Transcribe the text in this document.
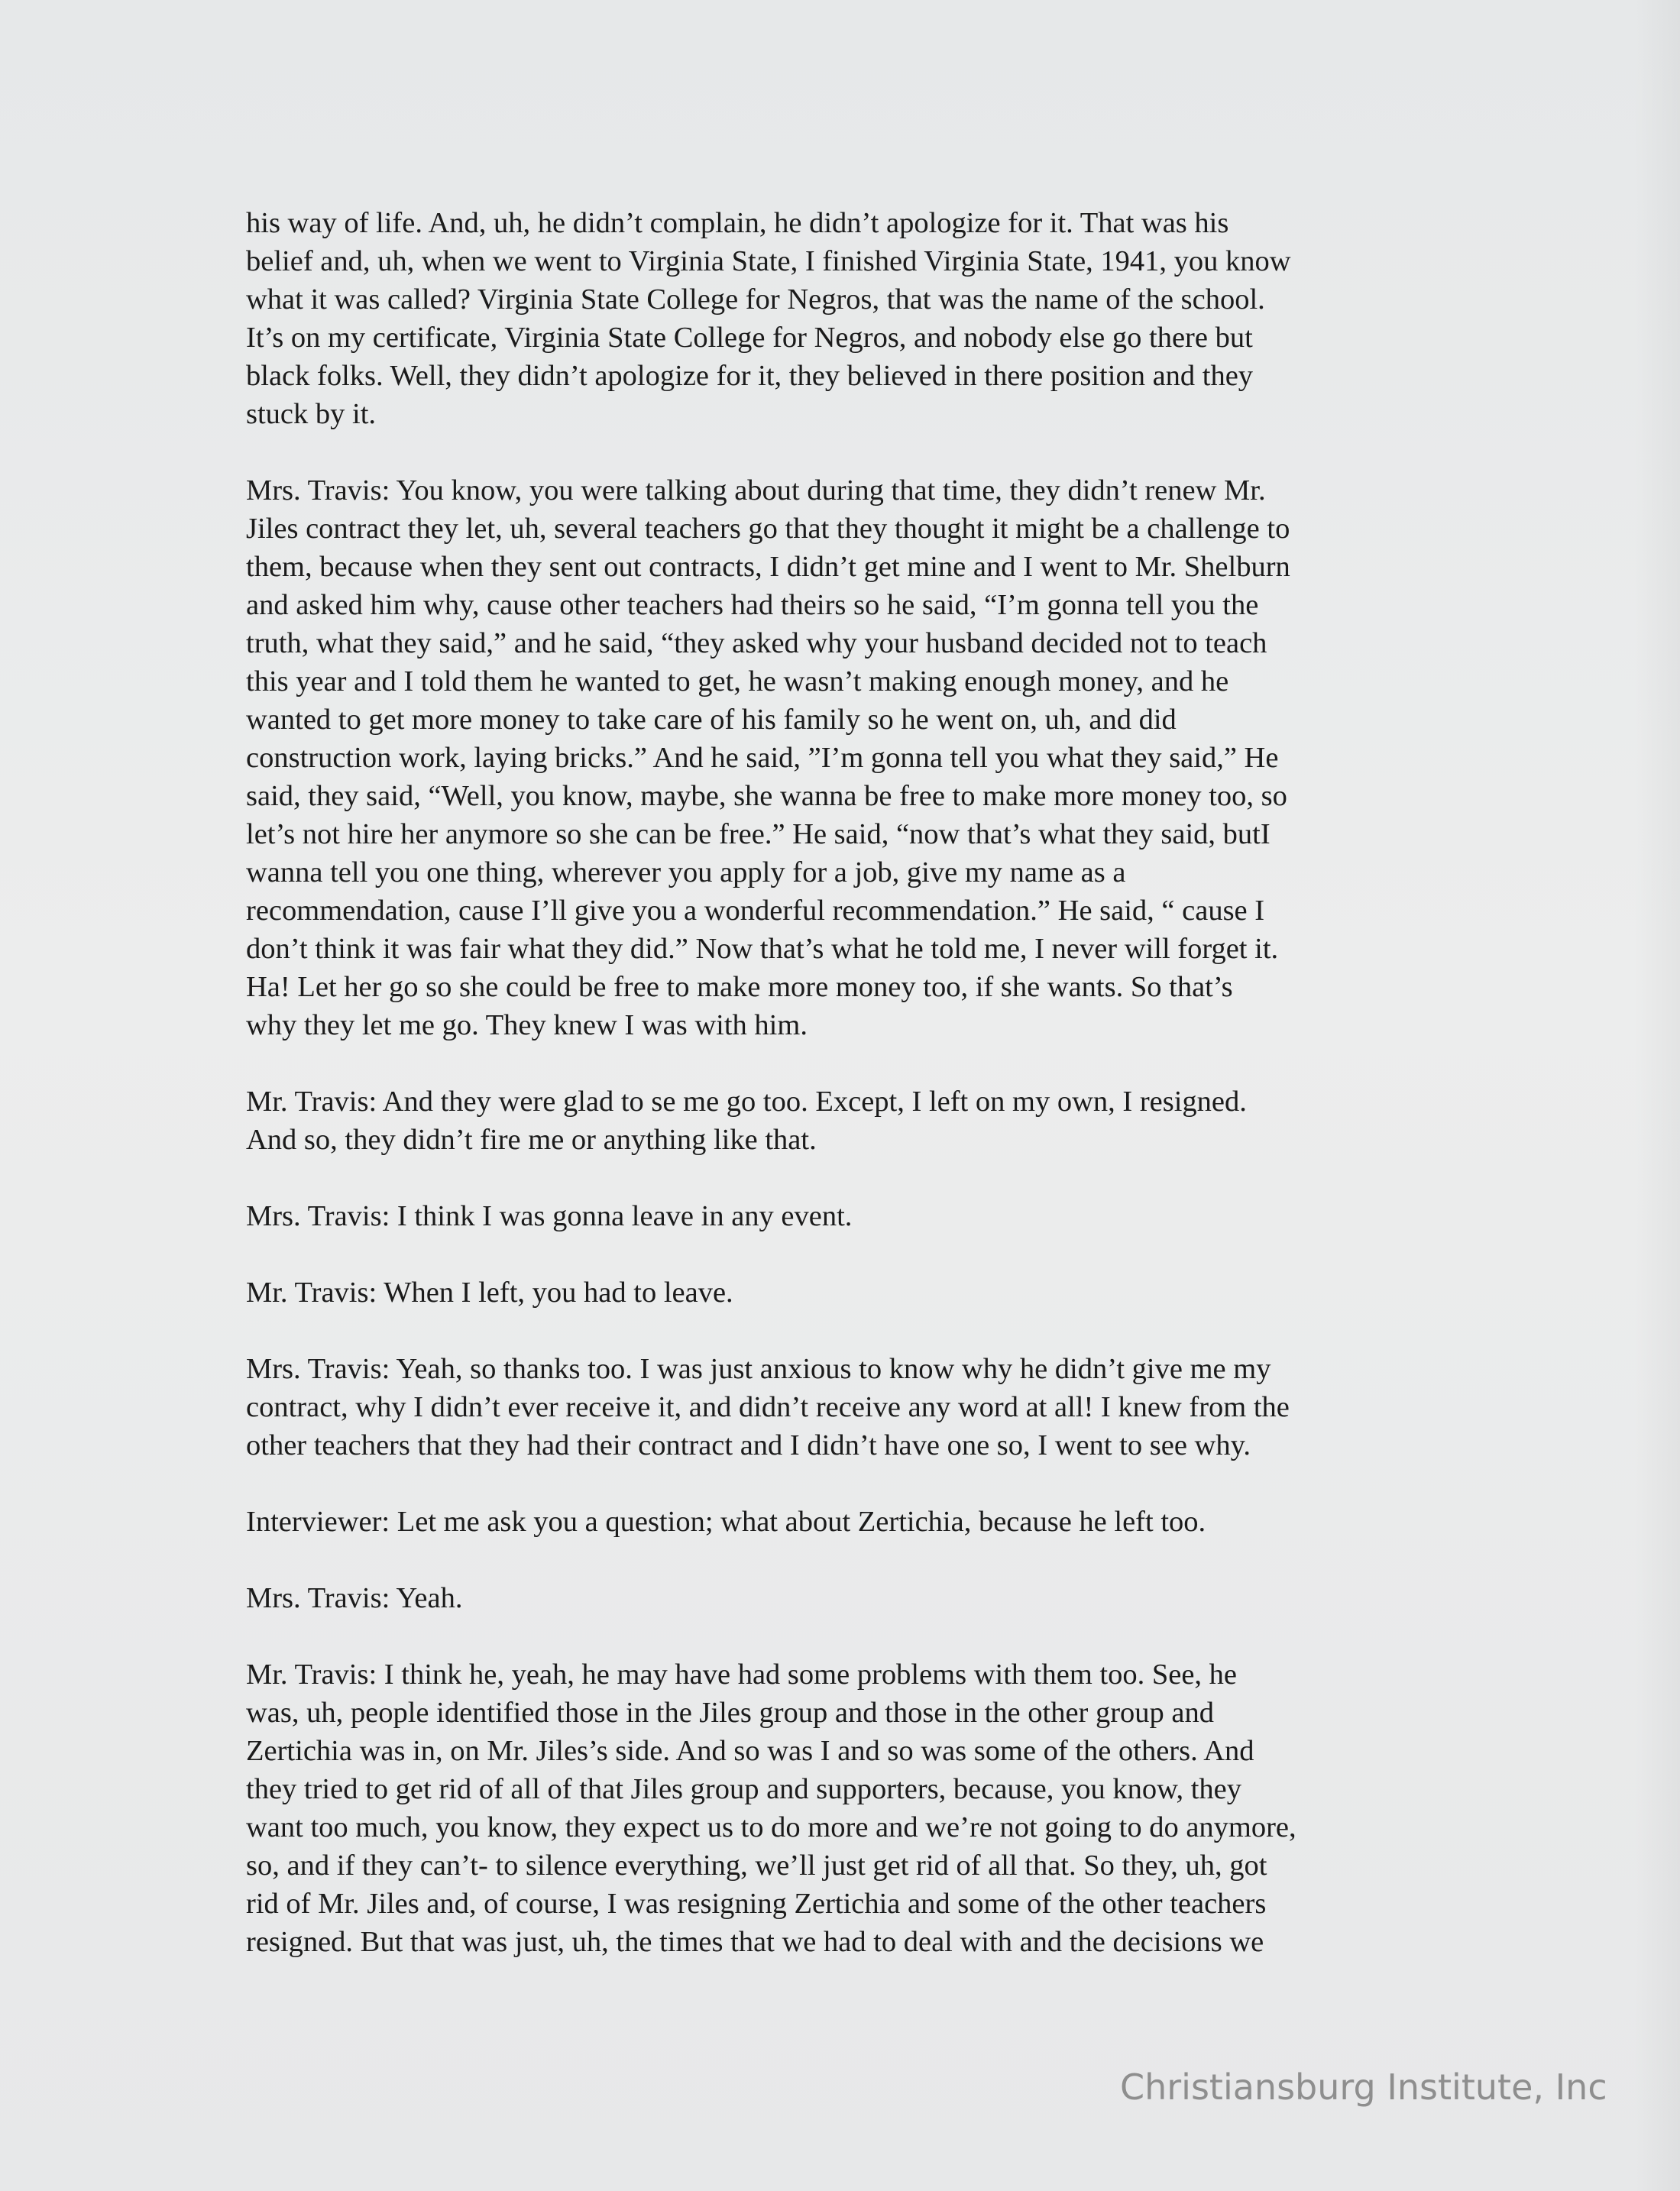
his way of life. And, uh, he didn’t complain, he didn’t apologize for it. That was his
belief and, uh, when we went to Virginia State, I finished Virginia State, 1941, you know
what it was called? Virginia State College for Negros, that was the name of the school.
It’s on my certificate, Virginia State College for Negros, and nobody else go there but
black folks. Well, they didn’t apologize for it, they believed in there position and they
stuck by it.
Mrs. Travis: You know, you were talking about during that time, they didn’t renew Mr.
Jiles contract they let, uh, several teachers go that they thought it might be a challenge to
them, because when they sent out contracts, I didn’t get mine and I went to Mr. Shelburn
and asked him why, cause other teachers had theirs so he said, “I’m gonna tell you the
truth, what they said,” and he said, “they asked why your husband decided not to teach
this year and I told them he wanted to get, he wasn’t making enough money, and he
wanted to get more money to take care of his family so he went on, uh, and did
construction work, laying bricks.” And he said, ”I’m gonna tell you what they said,” He
said, they said, “Well, you know, maybe, she wanna be free to make more money too, so
let’s not hire her anymore so she can be free.” He said, “now that’s what they said, butI
wanna tell you one thing, wherever you apply for a job, give my name as a
recommendation, cause I’ll give you a wonderful recommendation.” He said, “ cause I
don’t think it was fair what they did.” Now that’s what he told me, I never will forget it.
Ha! Let her go so she could be free to make more money too, if she wants. So that’s
why they let me go. They knew I was with him.
Mr. Travis: And they were glad to se me go too. Except, I left on my own, I resigned.
And so, they didn’t fire me or anything like that.
Mrs. Travis: I think I was gonna leave in any event.
Mr. Travis: When I left, you had to leave.
Mrs. Travis: Yeah, so thanks too. I was just anxious to know why he didn’t give me my
contract, why I didn’t ever receive it, and didn’t receive any word at all! I knew from the
other teachers that they had their contract and I didn’t have one so, I went to see why.
Interviewer: Let me ask you a question; what about Zertichia, because he left too.
Mrs. Travis: Yeah.
Mr. Travis: I think he, yeah, he may have had some problems with them too. See, he
was, uh, people identified those in the Jiles group and those in the other group and
Zertichia was in, on Mr. Jiles’s side. And so was I and so was some of the others. And
they tried to get rid of all of that Jiles group and supporters, because, you know, they
want too much, you know, they expect us to do more and we’re not going to do anymore,
so, and if they can’t- to silence everything, we’ll just get rid of all that. So they, uh, got
rid of Mr. Jiles and, of course, I was resigning Zertichia and some of the other teachers
resigned. But that was just, uh, the times that we had to deal with and the decisions we
Christiansburg Institute, Inc
